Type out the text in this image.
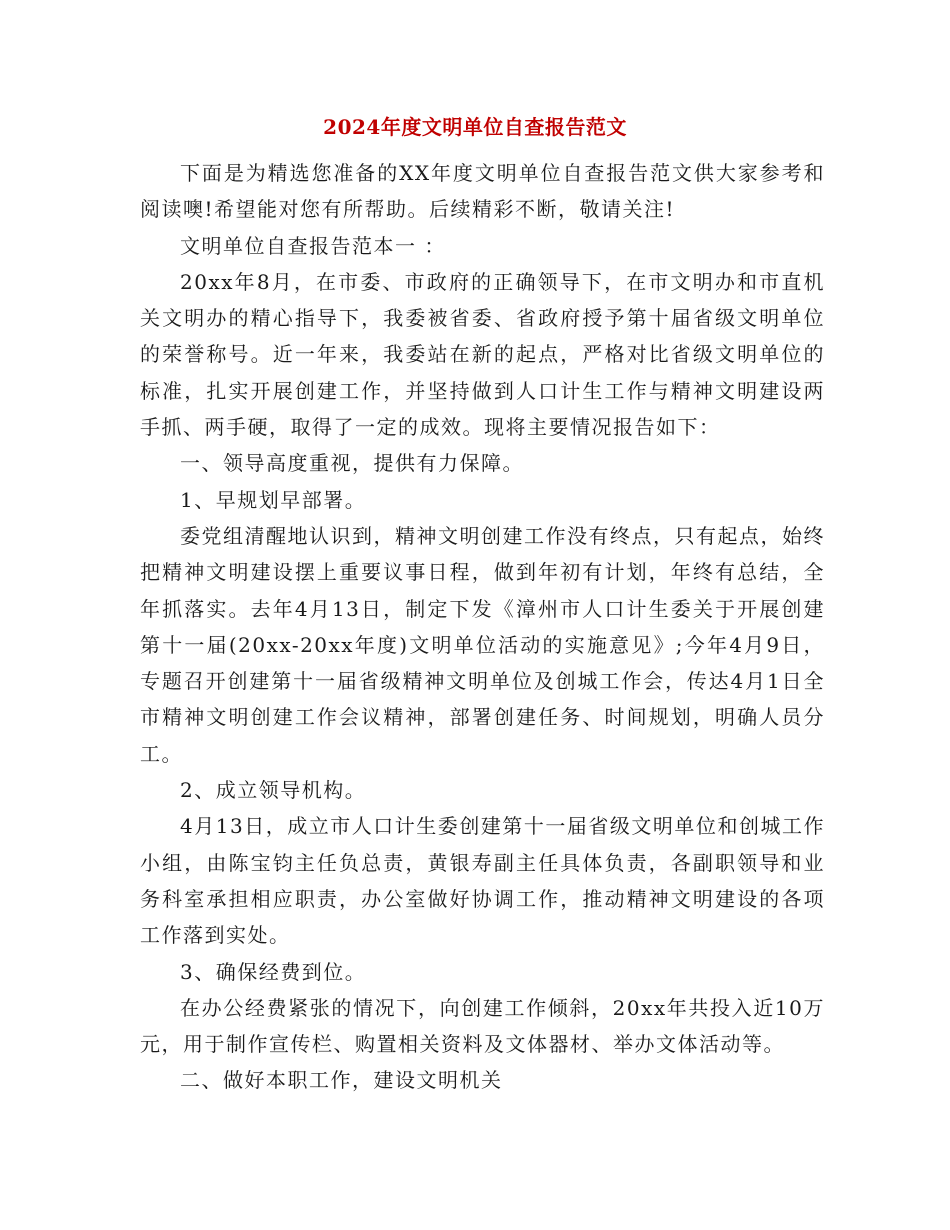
2024年度文明单位自查报告范文

下面是为精选您准备的XX年度文明单位自查报告范文供大家参考和阅读噢!希望能对您有所帮助。后续精彩不断，敬请关注!

文明单位自查报告范本一 ：

20xx年8月，在市委、市政府的正确领导下，在市文明办和市直机关文明办的精心指导下，我委被省委、省政府授予第十届省级文明单位的荣誉称号。近一年来，我委站在新的起点，严格对比省级文明单位的标准，扎实开展创建工作，并坚持做到人口计生工作与精神文明建设两手抓、两手硬，取得了一定的成效。现将主要情况报告如下：

一、领导高度重视，提供有力保障。

1、早规划早部署。

委党组清醒地认识到，精神文明创建工作没有终点，只有起点，始终把精神文明建设摆上重要议事日程，做到年初有计划，年终有总结，全年抓落实。去年4月13日，制定下发《漳州市人口计生委关于开展创建第十一届(20xx-20xx年度)文明单位活动的实施意见》;今年4月9日，专题召开创建第十一届省级精神文明单位及创城工作会，传达4月1日全市精神文明创建工作会议精神，部署创建任务、时间规划，明确人员分工。

2、成立领导机构。

4月13日，成立市人口计生委创建第十一届省级文明单位和创城工作小组，由陈宝钧主任负总责，黄银寿副主任具体负责，各副职领导和业务科室承担相应职责，办公室做好协调工作，推动精神文明建设的各项工作落到实处。

3、确保经费到位。

在办公经费紧张的情况下，向创建工作倾斜，20xx年共投入近10万元，用于制作宣传栏、购置相关资料及文体器材、举办文体活动等。

二、做好本职工作，建设文明机关
